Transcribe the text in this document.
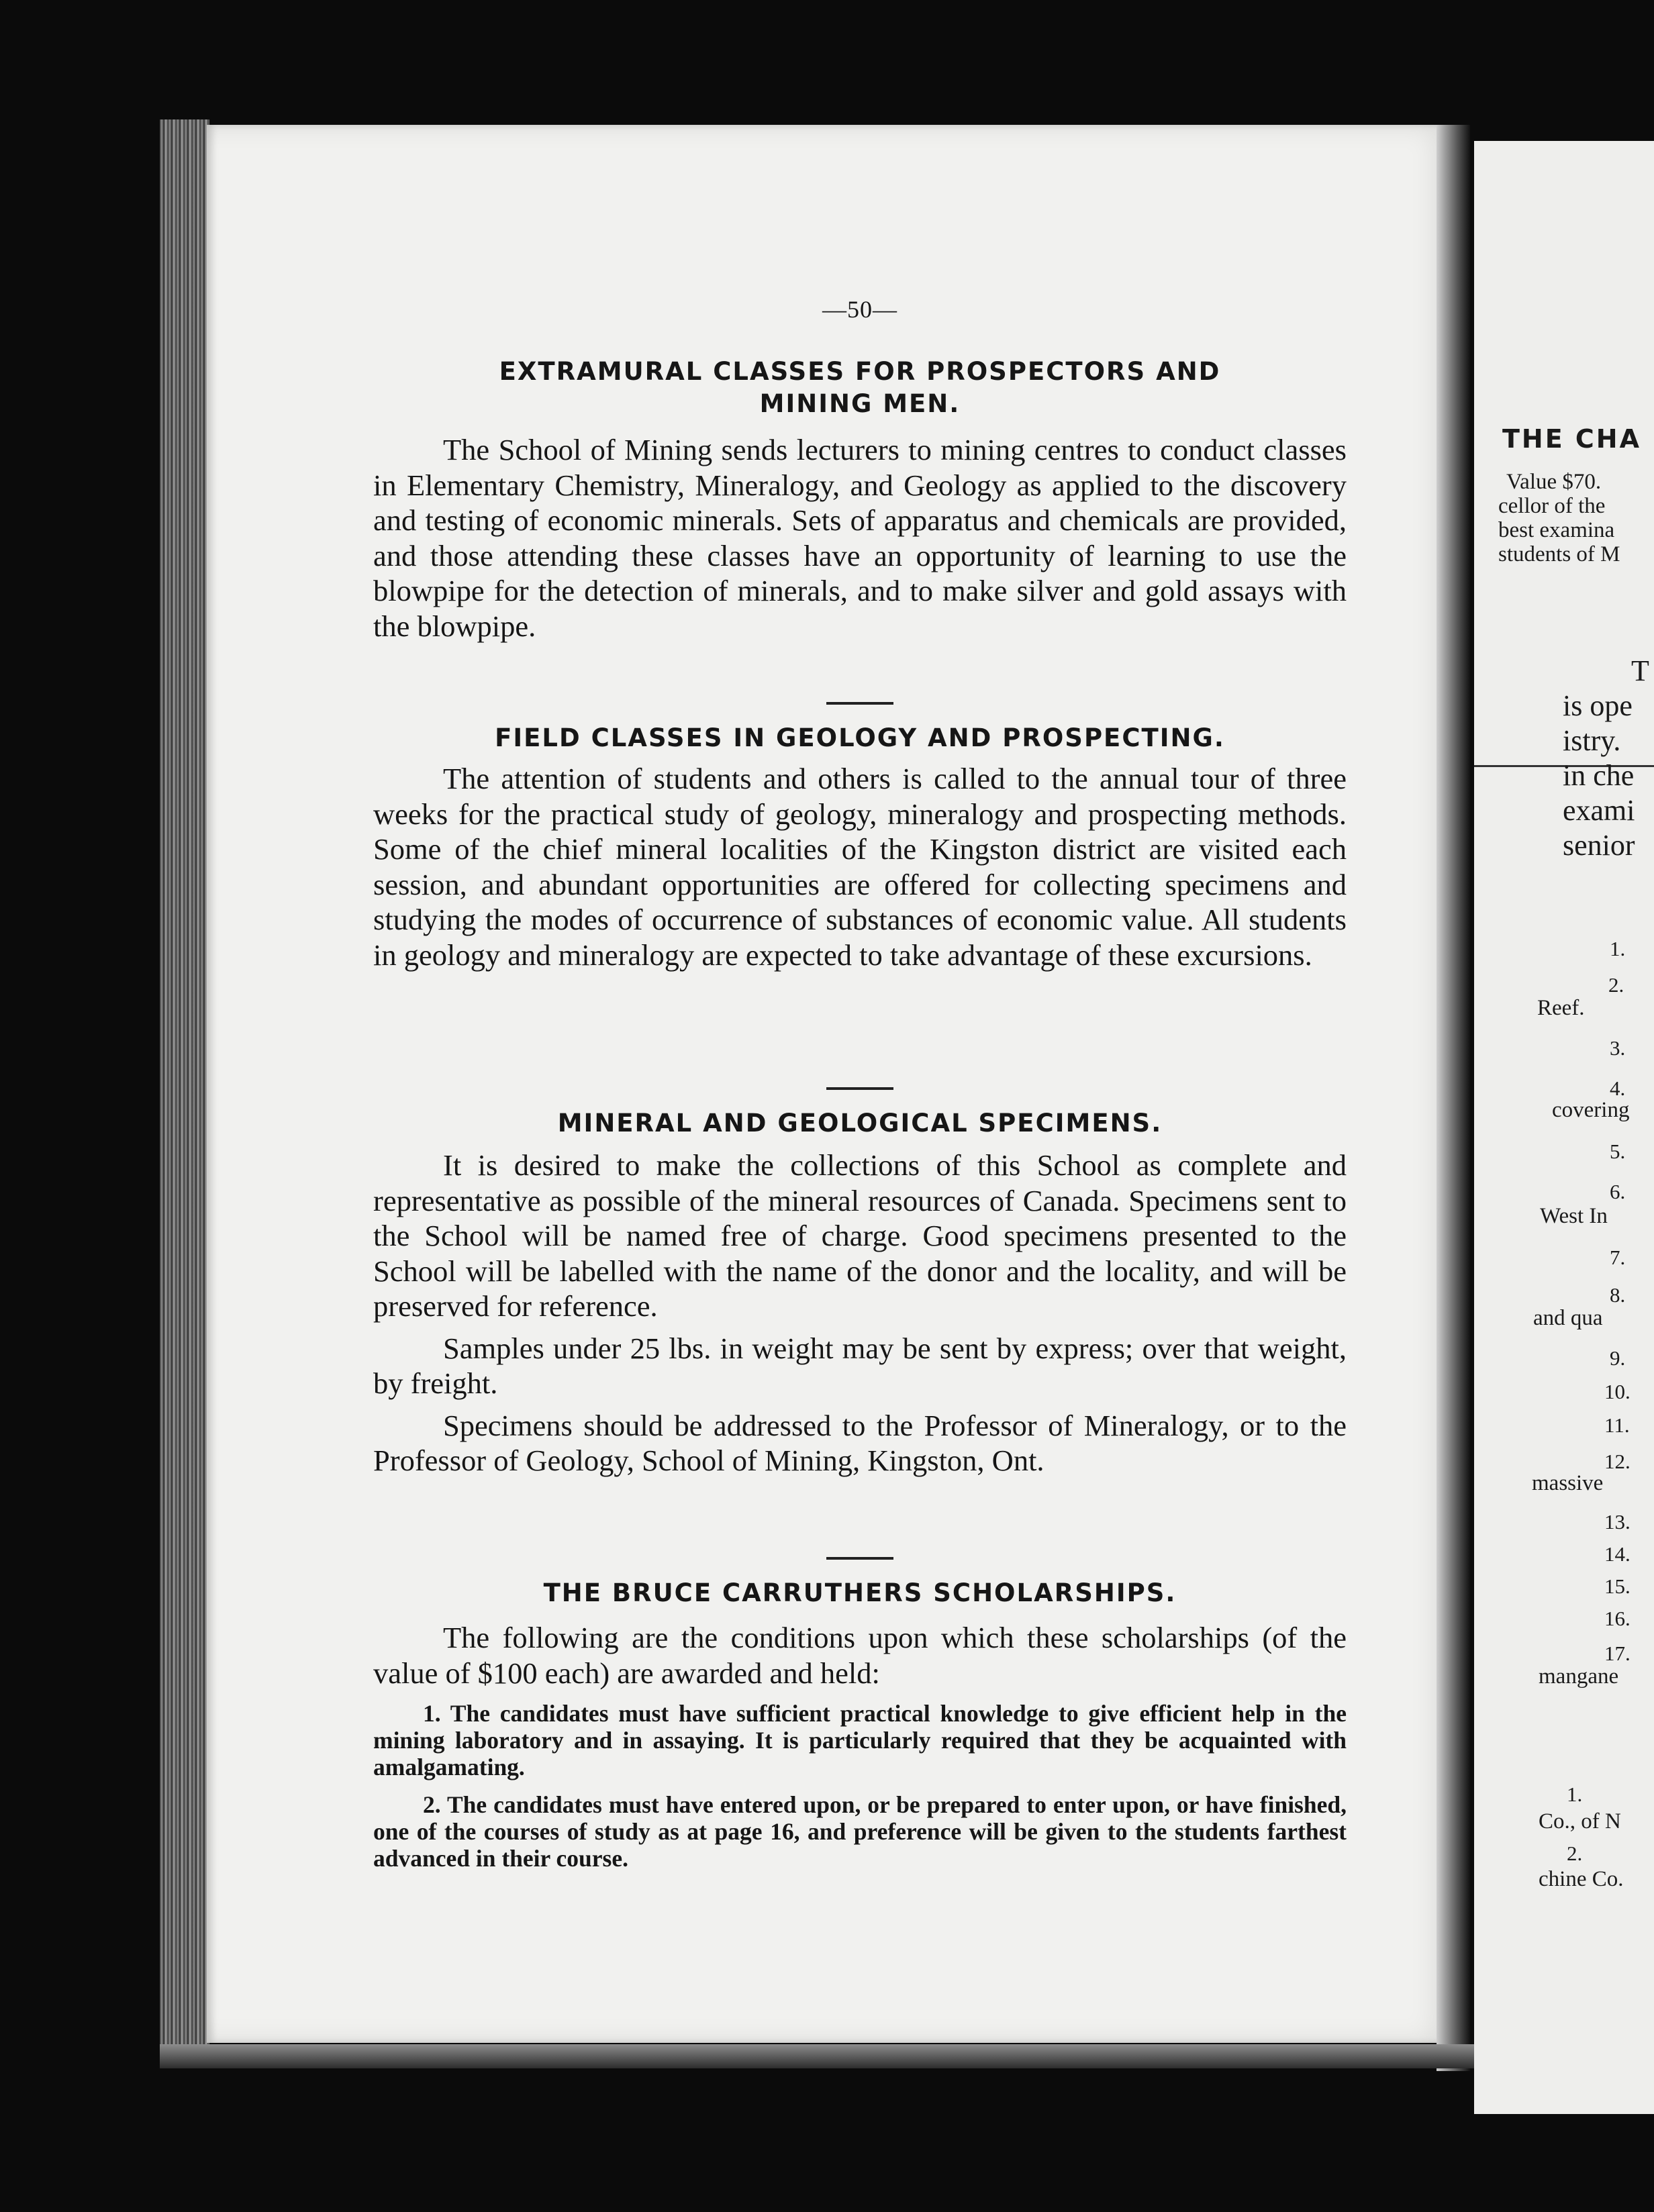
—50—
EXTRAMURAL CLASSES FOR PROSPECTORS AND MINING MEN.

The School of Mining sends lecturers to mining centres to conduct classes in Elementary Chemistry, Mineralogy, and Geology as applied to the discovery and testing of economic minerals. Sets of apparatus and chemicals are provided, and those attending these classes have an opportunity of learning to use the blowpipe for the detection of minerals, and to make silver and gold assays with the blowpipe.

FIELD CLASSES IN GEOLOGY AND PROSPECTING.

The attention of students and others is called to the annual tour of three weeks for the practical study of geology, mineralogy and prospecting methods. Some of the chief mineral localities of the Kingston district are visited each session, and abundant opportunities are offered for collecting specimens and studying the modes of occurrence of substances of economic value. All students in geology and mineralogy are expected to take advantage of these excursions.

MINERAL AND GEOLOGICAL SPECIMENS.

It is desired to make the collections of this School as complete and representative as possible of the mineral resources of Canada. Specimens sent to the School will be named free of charge. Good specimens presented to the School will be labelled with the name of the donor and the locality, and will be preserved for reference.

Samples under 25 lbs. in weight may be sent by express; over that weight, by freight.

Specimens should be addressed to the Professor of Mineralogy, or to the Professor of Geology, School of Mining, Kingston, Ont.

THE BRUCE CARRUTHERS SCHOLARSHIPS.

The following are the conditions upon which these scholarships (of the value of $100 each) are awarded and held:

1. The candidates must have sufficient practical knowledge to give efficient help in the mining laboratory and in assaying. It is particularly required that they be acquainted with amalgamating.

2. The candidates must have entered upon, or be prepared to enter upon, or have finished, one of the courses of study as at page 16, and preference will be given to the students farthest advanced in their course.

THE CHA
Value $70.
cellor of the
best examina
students of M
T
is ope
istry.
in che
exami
senior
1.
2.
Reef.
3.
4.
covering
5.
6.
West In
7.
8.
and qua
9.
10.
11.
12.
massive
13.
14.
15.
16.
17.
mangane
1.
Co., of N
2.
chine Co.
